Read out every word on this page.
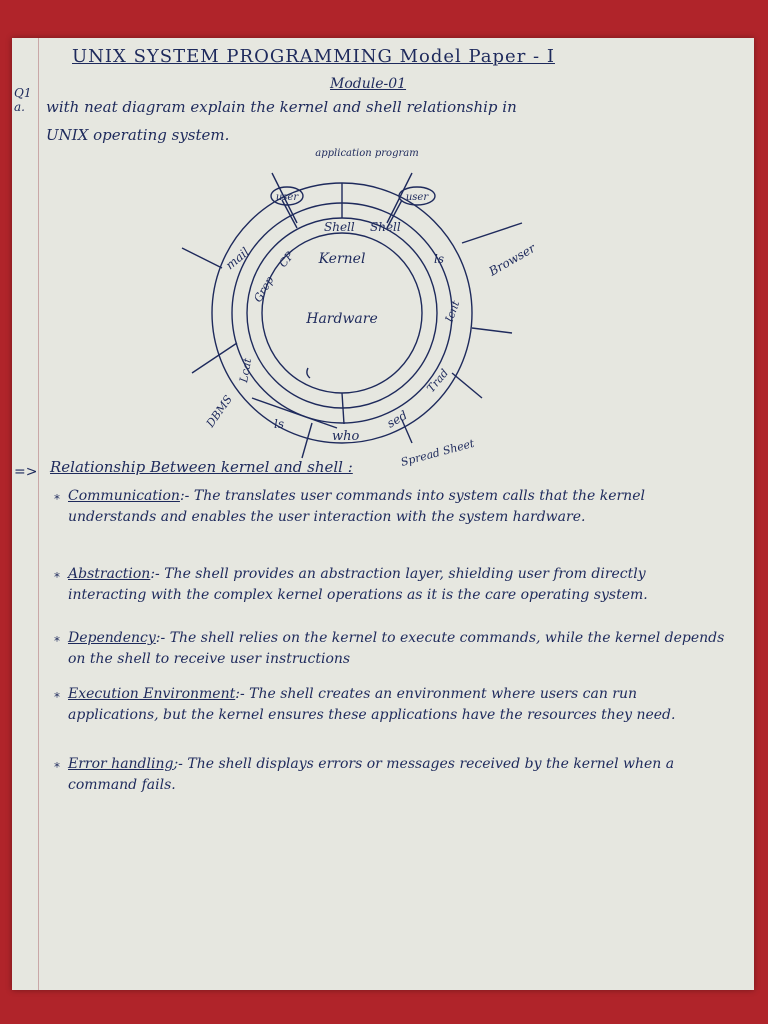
UNIX SYSTEM PROGRAMMING Model Paper - I
Module-01
Q1 a.	with neat diagram explain the kernel and shell relationship in
UNIX operating system.
Hardware
Kernel
application program
user	user
Shell Shell
ls
Icnt
Trad
sed
who
ls
Lcat
Grep
CP
mail	Browser
DBMS
Spread Sheet
=> Relationship Between kernel and shell :
* Communication:- The translates user commands into system calls that the kernel understands and enables the user interaction with the system hardware.
* Abstraction:- The shell provides an abstraction layer, shielding user from directly interacting with the complex kernel operations as it is the care operating system.
* Dependency:- The shell relies on the kernel to execute commands, while the kernel depends on the shell to receive user instructions
* Execution Environment:- The shell creates an environment where users can run applications, but the kernel ensures these applications have the resources they need.
* Error handling;- The shell displays errors or messages received by the kernel when a command fails.
